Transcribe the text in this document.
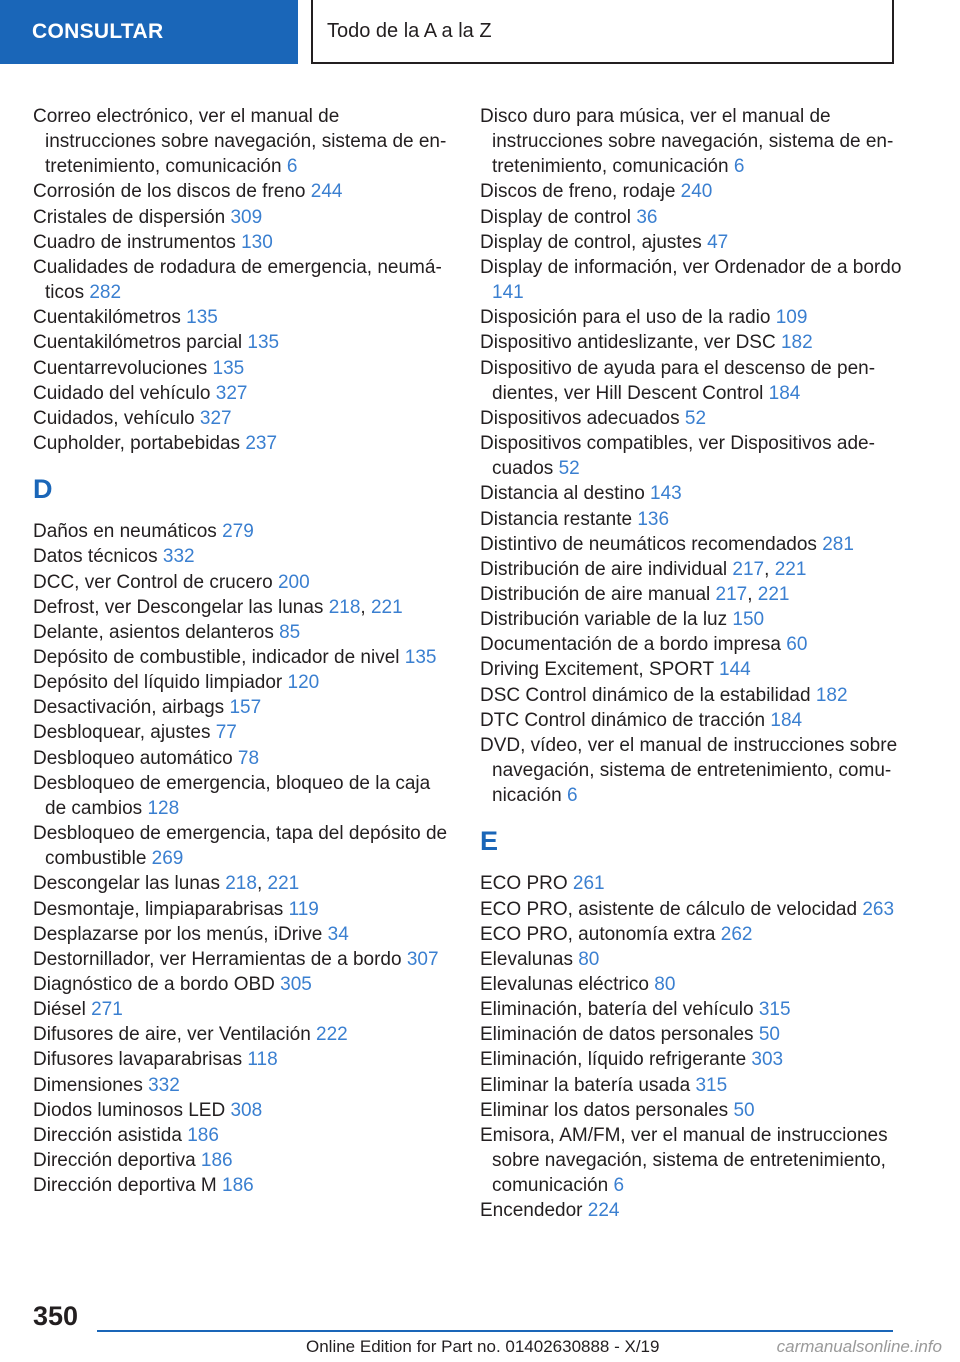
CONSULTAR	Todo de la A a la Z
Correo electrónico, ver el manual de instrucciones sobre navegación, sistema de entretenimiento, comunicación 6
Corrosión de los discos de freno 244
Cristales de dispersión 309
Cuadro de instrumentos 130
Cualidades de rodadura de emergencia, neumáticos 282
Cuentakilómetros 135
Cuentakilómetros parcial 135
Cuentarrevoluciones 135
Cuidado del vehículo 327
Cuidados, vehículo 327
Cupholder, portabebidas 237
D
Daños en neumáticos 279
Datos técnicos 332
DCC, ver Control de crucero 200
Defrost, ver Descongelar las lunas 218, 221
Delante, asientos delanteros 85
Depósito de combustible, indicador de nivel 135
Depósito del líquido limpiador 120
Desactivación, airbags 157
Desbloquear, ajustes 77
Desbloqueo automático 78
Desbloqueo de emergencia, bloqueo de la caja de cambios 128
Desbloqueo de emergencia, tapa del depósito de combustible 269
Descongelar las lunas 218, 221
Desmontaje, limpiaparabrisas 119
Desplazarse por los menús, iDrive 34
Destornillador, ver Herramientas de a bordo 307
Diagnóstico de a bordo OBD 305
Diésel 271
Difusores de aire, ver Ventilación 222
Difusores lavaparabrisas 118
Dimensiones 332
Diodos luminosos LED 308
Dirección asistida 186
Dirección deportiva 186
Dirección deportiva M 186
Disco duro para música, ver el manual de instrucciones sobre navegación, sistema de entretenimiento, comunicación 6
Discos de freno, rodaje 240
Display de control 36
Display de control, ajustes 47
Display de información, ver Ordenador de a bordo 141
Disposición para el uso de la radio 109
Dispositivo antideslizante, ver DSC 182
Dispositivo de ayuda para el descenso de pendientes, ver Hill Descent Control 184
Dispositivos adecuados 52
Dispositivos compatibles, ver Dispositivos adecuados 52
Distancia al destino 143
Distancia restante 136
Distintivo de neumáticos recomendados 281
Distribución de aire individual 217, 221
Distribución de aire manual 217, 221
Distribución variable de la luz 150
Documentación de a bordo impresa 60
Driving Excitement, SPORT 144
DSC Control dinámico de la estabilidad 182
DTC Control dinámico de tracción 184
DVD, vídeo, ver el manual de instrucciones sobre navegación, sistema de entretenimiento, comunicación 6
E
ECO PRO 261
ECO PRO, asistente de cálculo de velocidad 263
ECO PRO, autonomía extra 262
Elevalunas 80
Elevalunas eléctrico 80
Eliminación, batería del vehículo 315
Eliminación de datos personales 50
Eliminación, líquido refrigerante 303
Eliminar la batería usada 315
Eliminar los datos personales 50
Emisora, AM/FM, ver el manual de instrucciones sobre navegación, sistema de entretenimiento, comunicación 6
Encendedor 224
350
Online Edition for Part no. 01402630888 - X/19	carmanualsonline.info
